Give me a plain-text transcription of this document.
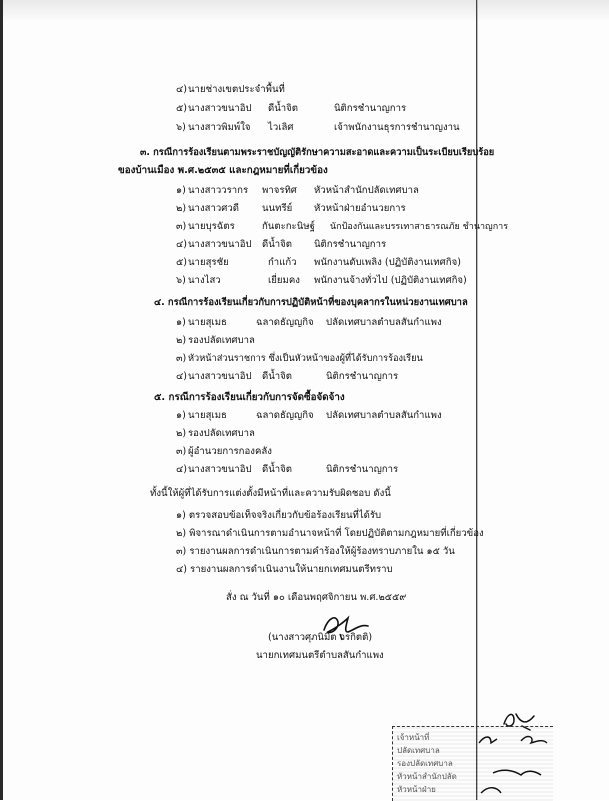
๔) นายช่างเขตประจำพื้นที่
๕) นางสาวขนาอิป ดีน้ำจิต	นิติกรชำนาญการ
๖) นางสาวพิมพ์ใจ ไวเลิศ	เจ้าพนักงานธุรการชำนาญงาน
๓. กรณีการร้องเรียนตามพระราชบัญญัติรักษาความสะอาดและความเป็นระเบียบเรียบร้อย
ของบ้านเมือง พ.ศ.๒๕๓๕ และกฎหมายที่เกี่ยวข้อง
๑) นางสาววรากร พาจรทิศ หัวหน้าสำนักปลัดเทศบาล
๒) นางสาวศวดี นนทรีย์ หัวหน้าฝ่ายอำนวยการ
๓) นายบุรฉัตร	กันตะกะนิษฐ์ นักป้องกันและบรรเทาสาธารณภัย ชำนาญการ
๔) นางสาวขนาอิป ดีน้ำจิต นิติกรชำนาญการ
๕) นายสุรชัย	กำแก้ว พนักงานดับเพลิง (ปฏิบัติงานเทศกิจ)
๖) นางไสว	เยี่ยมคง พนักงานจ้างทั่วไป (ปฏิบัติงานเทศกิจ)
๔. กรณีการร้องเรียนเกี่ยวกับการปฏิบัติหน้าที่ของบุคลากรในหน่วยงานเทศบาล
๑) นายสุเมธ	ฉลาดธัญญกิจ ปลัดเทศบาลตำบลสันกำแพง
๒) รองปลัดเทศบาล
๓) หัวหน้าส่วนราชการ ซึ่งเป็นหัวหน้าของผู้ที่ได้รับการร้องเรียน
๔) นางสาวขนาอิป ดีน้ำจิต	นิติกรชำนาญการ
๕. กรณีการร้องเรียนเกี่ยวกับการจัดซื้อจัดจ้าง
๑) นายสุเมธ	ฉลาดธัญญกิจ ปลัดเทศบาลตำบลสันกำแพง
๒) รองปลัดเทศบาล
๓) ผู้อำนวยการกองคลัง
๔) นางสาวขนาอิป ดีน้ำจิต	นิติกรชำนาญการ
ทั้งนี้ให้ผู้ที่ได้รับการแต่งตั้งมีหน้าที่และความรับผิดชอบ ดังนี้
๑) ตรวจสอบข้อเท็จจริงเกี่ยวกับข้อร้องเรียนที่ได้รับ
๒) พิจารณาดำเนินการตามอำนาจหน้าที่ โดยปฏิบัติตามกฎหมายที่เกี่ยวข้อง
๓) รายงานผลการดำเนินการตามคำร้องให้ผู้ร้องทราบภายใน ๑๕ วัน
๔) รายงานผลการดำเนินงานให้นายกเทศมนตรีทราบ
สั่ง ณ วันที่ ๑๐ เดือนพฤศจิกายน พ.ศ.๒๕๕๙
(นางสาวศุภนิมิต วรกิตติ)
นายกเทศมนตรีตำบลสันกำแพง
เจ้าหน้าที่
ปลัดเทศบาล
รองปลัดเทศบาล
หัวหน้าสำนักปลัด
หัวหน้าฝ่าย
